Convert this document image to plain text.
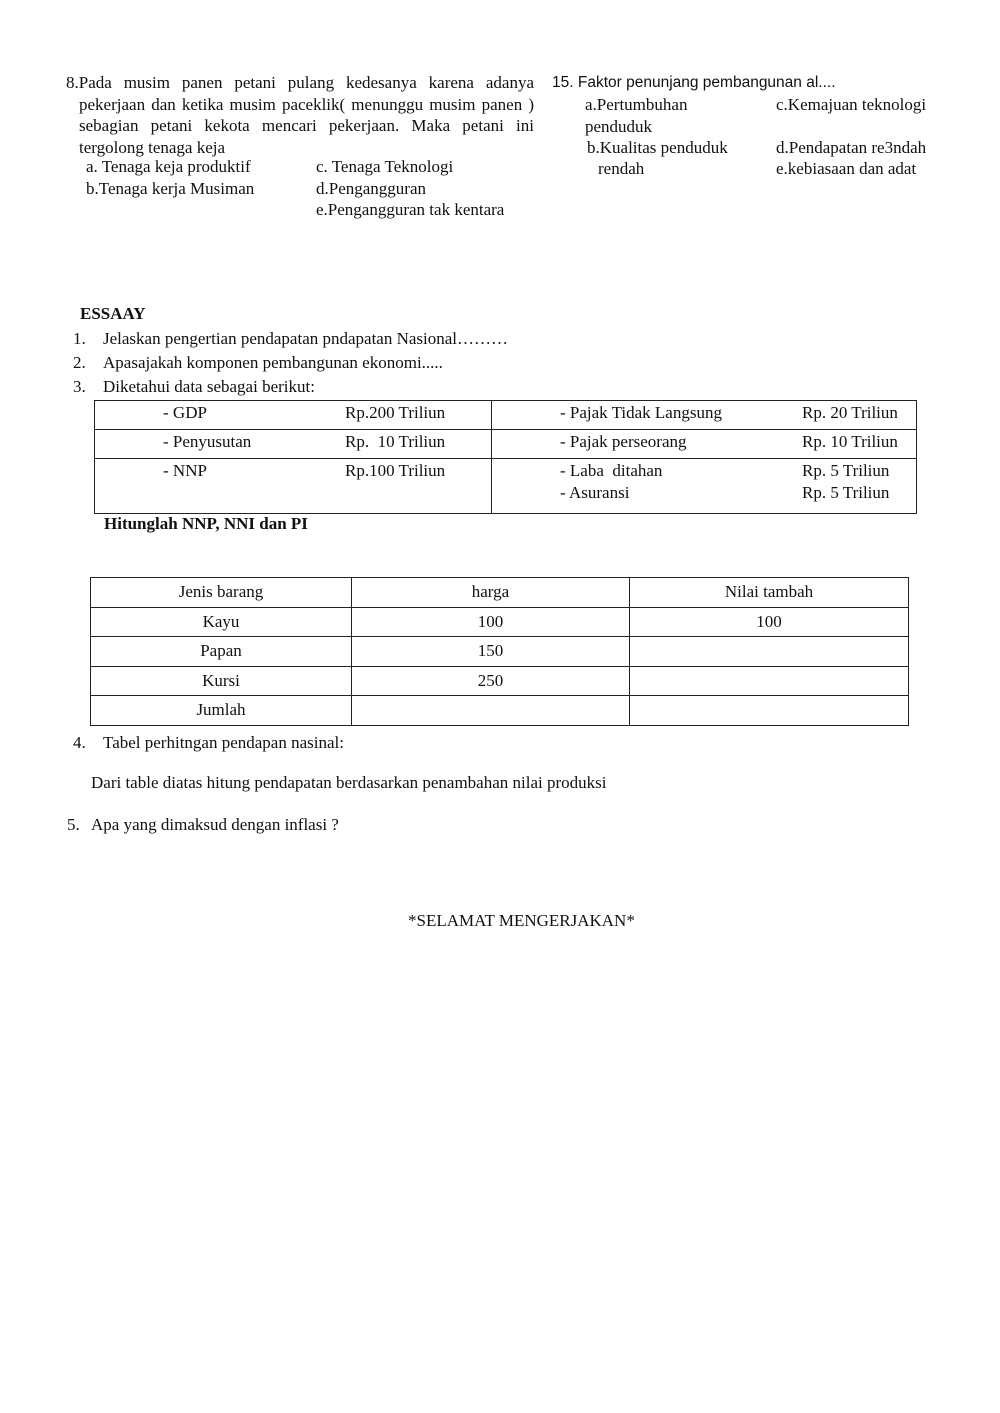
8.Pada musim panen petani pulang kedesanya karena adanya pekerjaan dan ketika musim paceklik( menunggu musim panen ) sebagian petani kekota mencari pekerjaan. Maka petani ini tergolong tenaga keja
a. Tenaga keja produktif
b.Tenaga kerja Musiman
c. Tenaga Teknologi
d.Pengangguran
e.Pengangguran tak kentara
15. Faktor penunjang pembangunan al....
a.Pertumbuhan
penduduk
b.Kualitas penduduk
rendah
c.Kemajuan teknologi
d.Pendapatan re3ndah
e.kebiasaan dan adat
ESSAAY
1. Jelaskan pengertian pendapatan pndapatan Nasional………
2. Apasajakah komponen pembangunan ekonomi.....
3. Diketahui data sebagai berikut:
- GDP Rp.200 Triliun	- Pajak Tidak Langsung Rp. 20 Triliun

- Penyusutan Rp.  10 Triliun	- Pajak perseorang Rp. 10 Triliun

- NNP Rp.100 Triliun	- Laba  ditahan Rp. 5 Triliun
- Asuransi Rp. 5 Triliun
Hitunglah NNP, NNI dan PI
Jenis barang	harga	Nilai tambah
Kayu	100	100
Papan	150	
Kursi	250	
Jumlah		
4. Tabel perhitngan pendapan nasinal:
Dari table diatas hitung pendapatan berdasarkan penambahan nilai produksi
5. Apa yang dimaksud dengan inflasi ?
*SELAMAT MENGERJAKAN*
